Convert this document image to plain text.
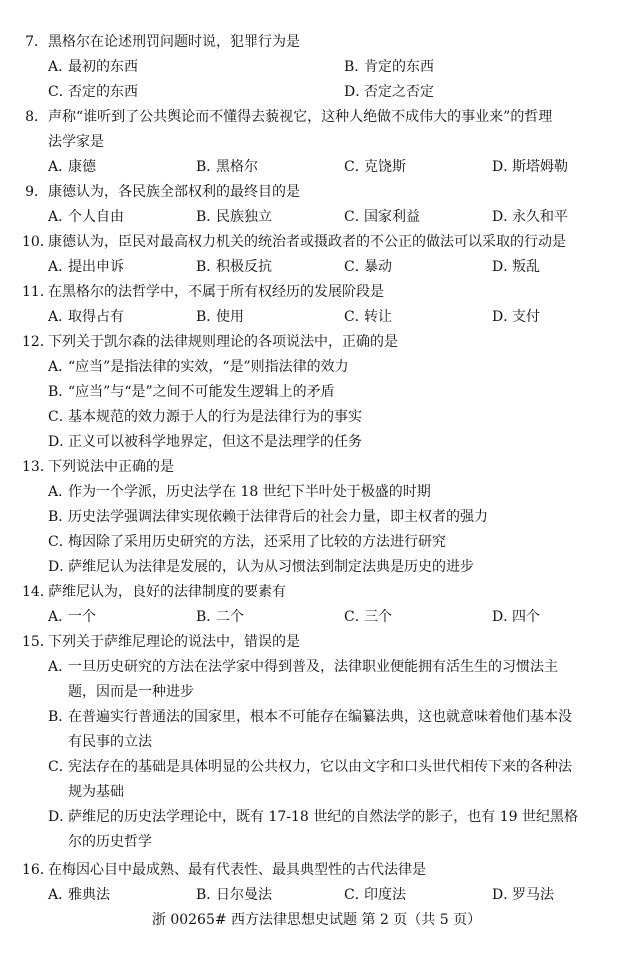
7．黑格尔在论述刑罚问题时说，犯罪行为是
A．最初的东西	B．肯定的东西
C．否定的东西	D．否定之否定
8．声称“谁听到了公共舆论而不懂得去藐视它，这种人绝做不成伟大的事业来”的哲理
法学家是
A．康德	B．黑格尔	C．克饶斯	D．斯塔姆勒
9．康德认为，各民族全部权利的最终目的是
A．个人自由	B．民族独立	C．国家利益	D．永久和平
10．康德认为，臣民对最高权力机关的统治者或摄政者的不公正的做法可以采取的行动是
A．提出申诉	B．积极反抗	C．暴动	D．叛乱
11．在黑格尔的法哲学中，不属于所有权经历的发展阶段是
A．取得占有	B．使用	C．转让	D．支付
12．下列关于凯尔森的法律规则理论的各项说法中，正确的是
A．“应当”是指法律的实效，“是”则指法律的效力
B．“应当”与“是”之间不可能发生逻辑上的矛盾
C．基本规范的效力源于人的行为是法律行为的事实
D．正义可以被科学地界定，但这不是法理学的任务
13．下列说法中正确的是
A．作为一个学派，历史法学在 18 世纪下半叶处于极盛的时期
B．历史法学强调法律实现依赖于法律背后的社会力量，即主权者的强力
C．梅因除了采用历史研究的方法，还采用了比较的方法进行研究
D．萨维尼认为法律是发展的，认为从习惯法到制定法典是历史的进步
14．萨维尼认为，良好的法律制度的要素有
A．一个	B．二个	C．三个	D．四个
15．下列关于萨维尼理论的说法中，错误的是
A．一旦历史研究的方法在法学家中得到普及，法律职业便能拥有活生生的习惯法主
题，因而是一种进步
B．在普遍实行普通法的国家里，根本不可能存在编纂法典，这也就意味着他们基本没
有民事的立法
C．宪法存在的基础是具体明显的公共权力，它以由文字和口头世代相传下来的各种法
规为基础
D．萨维尼的历史法学理论中，既有 17-18 世纪的自然法学的影子，也有 19 世纪黑格
尔的历史哲学
16．在梅因心目中最成熟、最有代表性、最具典型性的古代法律是
A．雅典法	B．日尔曼法	C．印度法	D．罗马法
浙 00265# 西方法律思想史试题 第 2 页（共 5 页）
